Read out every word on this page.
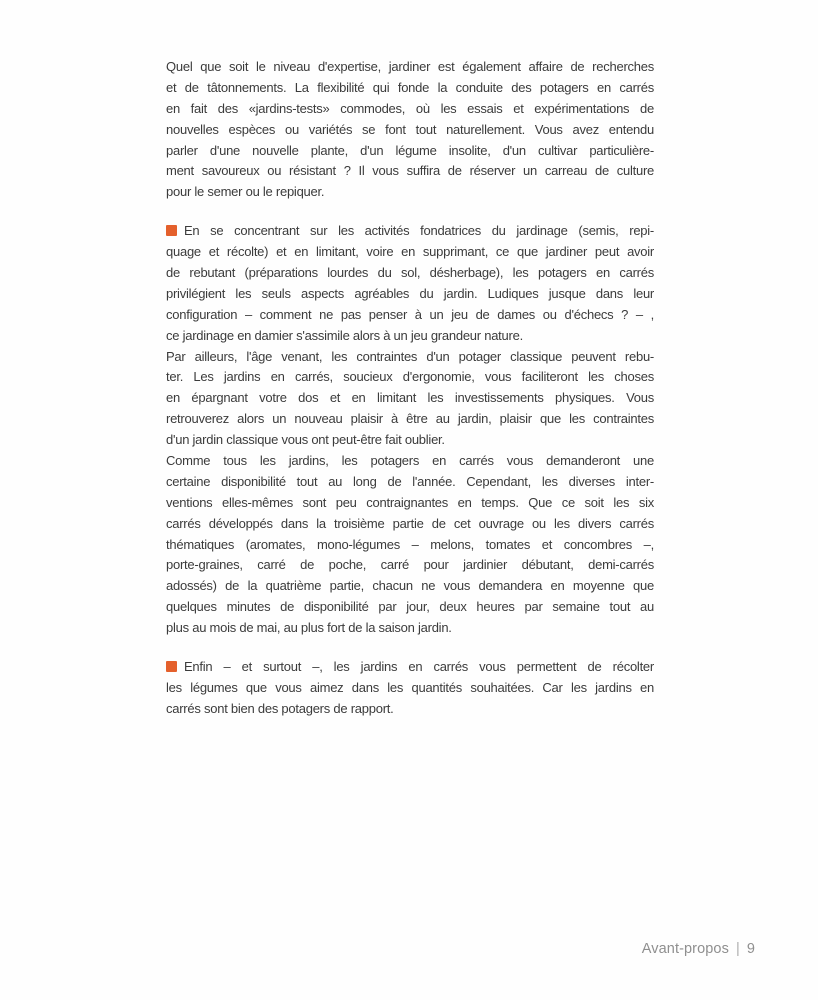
Quel que soit le niveau d'expertise, jardiner est également affaire de recherches
et de tâtonnements. La flexibilité qui fonde la conduite des potagers en carrés
en fait des «jardins-tests» commodes, où les essais et expérimentations de
nouvelles espèces ou variétés se font tout naturellement. Vous avez entendu
parler d'une nouvelle plante, d'un légume insolite, d'un cultivar particulière-
ment savoureux ou résistant ? Il vous suffira de réserver un carreau de culture
pour le semer ou le repiquer.
En se concentrant sur les activités fondatrices du jardinage (semis, repi-
quage et récolte) et en limitant, voire en supprimant, ce que jardiner peut avoir
de rebutant (préparations lourdes du sol, désherbage), les potagers en carrés
privilégient les seuls aspects agréables du jardin. Ludiques jusque dans leur
configuration – comment ne pas penser à un jeu de dames ou d'échecs ? – ,
ce jardinage en damier s'assimile alors à un jeu grandeur nature.
Par ailleurs, l'âge venant, les contraintes d'un potager classique peuvent rebu-
ter. Les jardins en carrés, soucieux d'ergonomie, vous faciliteront les choses
en épargnant votre dos et en limitant les investissements physiques. Vous
retrouverez alors un nouveau plaisir à être au jardin, plaisir que les contraintes
d'un jardin classique vous ont peut-être fait oublier.
Comme tous les jardins, les potagers en carrés vous demanderont une
certaine disponibilité tout au long de l'année. Cependant, les diverses inter-
ventions elles-mêmes sont peu contraignantes en temps. Que ce soit les six
carrés développés dans la troisième partie de cet ouvrage ou les divers carrés
thématiques (aromates, mono-légumes – melons, tomates et concombres –,
porte-graines, carré de poche, carré pour jardinier débutant, demi-carrés
adossés) de la quatrième partie, chacun ne vous demandera en moyenne que
quelques minutes de disponibilité par jour, deux heures par semaine tout au
plus au mois de mai, au plus fort de la saison jardin.
Enfin – et surtout –, les jardins en carrés vous permettent de récolter
les légumes que vous aimez dans les quantités souhaitées. Car les jardins en
carrés sont bien des potagers de rapport.
Avant-propos | 9
